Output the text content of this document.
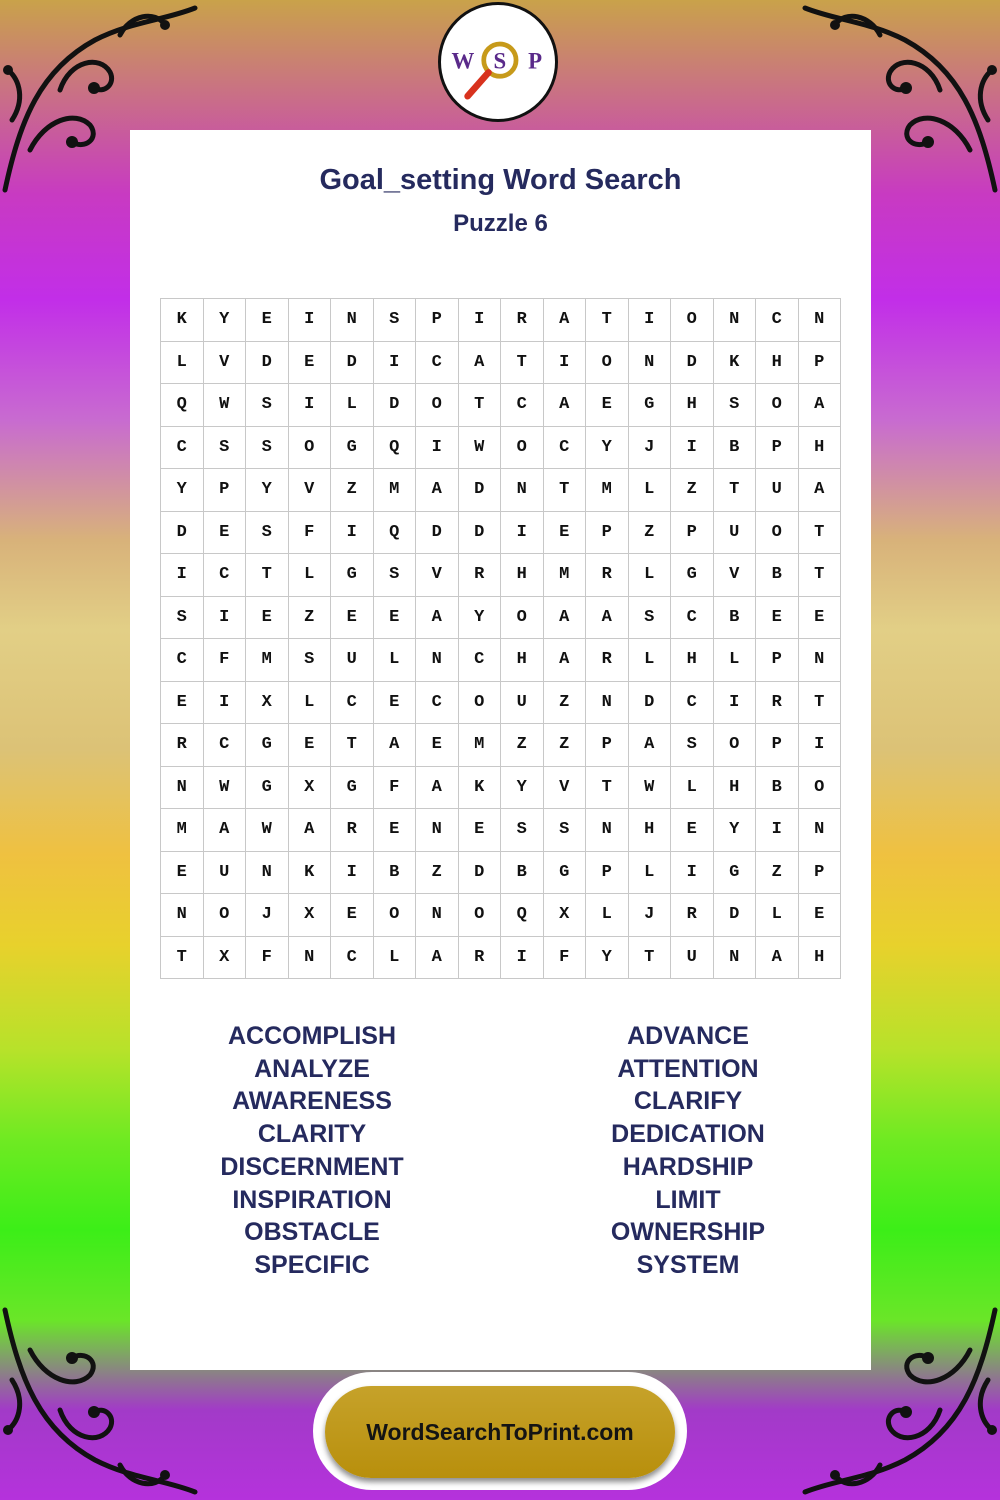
W S P
Goal_setting Word Search
Puzzle 6
K	Y	E	I	N	S	P	I	R	A	T	I	O	N	C	N
L	V	D	E	D	I	C	A	T	I	O	N	D	K	H	P
Q	W	S	I	L	D	O	T	C	A	E	G	H	S	O	A
C	S	S	O	G	Q	I	W	O	C	Y	J	I	B	P	H
Y	P	Y	V	Z	M	A	D	N	T	M	L	Z	T	U	A
D	E	S	F	I	Q	D	D	I	E	P	Z	P	U	O	T
I	C	T	L	G	S	V	R	H	M	R	L	G	V	B	T
S	I	E	Z	E	E	A	Y	O	A	A	S	C	B	E	E
C	F	M	S	U	L	N	C	H	A	R	L	H	L	P	N
E	I	X	L	C	E	C	O	U	Z	N	D	C	I	R	T
R	C	G	E	T	A	E	M	Z	Z	P	A	S	O	P	I
N	W	G	X	G	F	A	K	Y	V	T	W	L	H	B	O
M	A	W	A	R	E	N	E	S	S	N	H	E	Y	I	N
E	U	N	K	I	B	Z	D	B	G	P	L	I	G	Z	P
N	O	J	X	E	O	N	O	Q	X	L	J	R	D	L	E
T	X	F	N	C	L	A	R	I	F	Y	T	U	N	A	H
ACCOMPLISH
ANALYZE
AWARENESS
CLARITY
DISCERNMENT
INSPIRATION
OBSTACLE
SPECIFIC
ADVANCE
ATTENTION
CLARIFY
DEDICATION
HARDSHIP
LIMIT
OWNERSHIP
SYSTEM
WordSearchToPrint.com
